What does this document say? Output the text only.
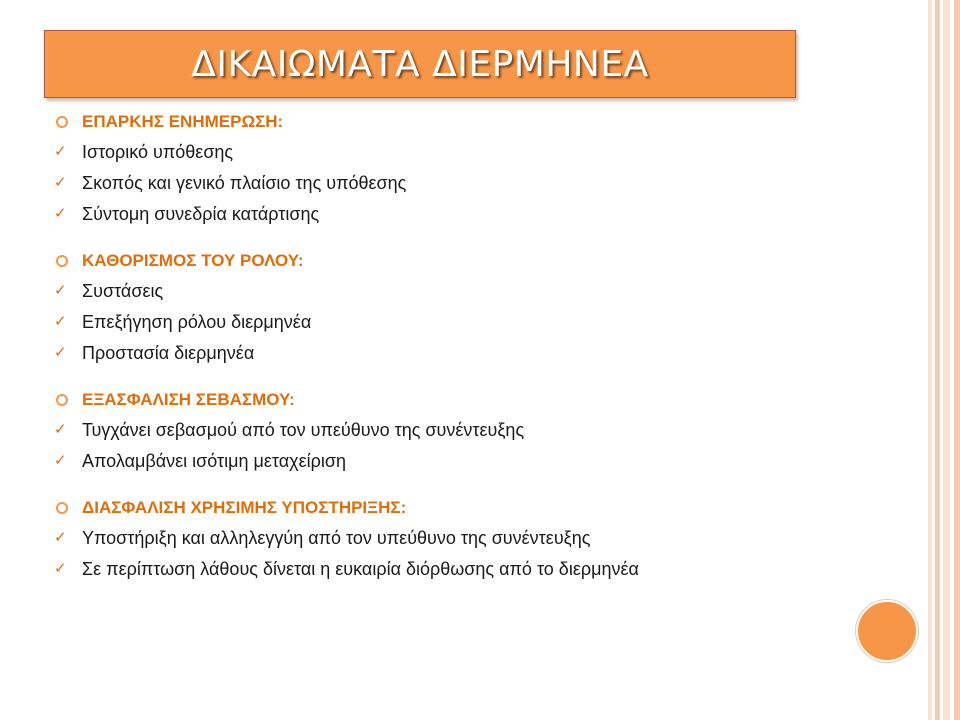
ΔΙΚΑΙΩΜΑΤΑ ΔΙΕΡΜΗΝΕΑ
ΕΠΑΡΚΗΣ ΕΝΗΜΕΡΩΣΗ:
✓ Ιστορικό υπόθεσης
✓ Σκοπός και γενικό πλαίσιο της υπόθεσης
✓ Σύντομη συνεδρία κατάρτισης
ΚΑΘΟΡΙΣΜΟΣ ΤΟΥ ΡΟΛΟΥ:
✓ Συστάσεις
✓ Επεξήγηση ρόλου διερμηνέα
✓ Προστασία διερμηνέα
ΕΞΑΣΦΑΛΙΣΗ ΣΕΒΑΣΜΟΥ:
✓ Τυγχάνει σεβασμού από τον υπεύθυνο της συνέντευξης
✓ Απολαμβάνει ισότιμη μεταχείριση
ΔΙΑΣΦΑΛΙΣΗ ΧΡΗΣΙΜΗΣ ΥΠΟΣΤΗΡΙΞΗΣ:
✓ Υποστήριξη και αλληλεγγύη από τον υπεύθυνο της συνέντευξης
✓ Σε περίπτωση λάθους δίνεται η ευκαιρία διόρθωσης από το διερμηνέα
